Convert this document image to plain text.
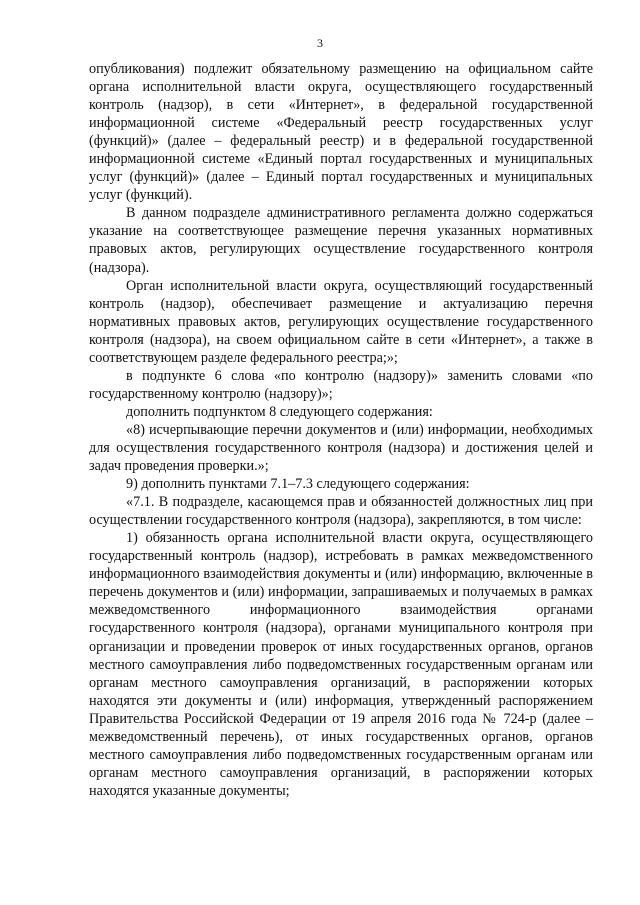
3

опубликования) подлежит обязательному размещению на официальном сайте органа исполнительной власти округа, осуществляющего государственный контроль (надзор), в сети «Интернет», в федеральной государственной информационной системе «Федеральный реестр государственных услуг (функций)» (далее – федеральный реестр) и в федеральной государственной информационной системе «Единый портал государственных и муниципальных услуг (функций)» (далее – Единый портал государственных и муниципальных услуг (функций).

В данном подразделе административного регламента должно содержаться указание на соответствующее размещение перечня указанных нормативных правовых актов, регулирующих осуществление государственного контроля (надзора).

Орган исполнительной власти округа, осуществляющий государственный контроль (надзор), обеспечивает размещение и актуализацию перечня нормативных правовых актов, регулирующих осуществление государственного контроля (надзора), на своем официальном сайте в сети «Интернет», а также в соответствующем разделе федерального реестра;»;

в подпункте 6 слова «по контролю (надзору)» заменить словами «по государственному контролю (надзору)»;

дополнить подпунктом 8 следующего содержания:

«8) исчерпывающие перечни документов и (или) информации, необходимых для осуществления государственного контроля (надзора) и достижения целей и задач проведения проверки.»;

9) дополнить пунктами 7.1–7.3 следующего содержания:

«7.1. В подразделе, касающемся прав и обязанностей должностных лиц при осуществлении государственного контроля (надзора), закрепляются, в том числе:

1) обязанность органа исполнительной власти округа, осуществляющего государственный контроль (надзор), истребовать в рамках межведомственного информационного взаимодействия документы и (или) информацию, включенные в перечень документов и (или) информации, запрашиваемых и получаемых в рамках межведомственного информационного взаимодействия органами государственного контроля (надзора), органами муниципального контроля при организации и проведении проверок от иных государственных органов, органов местного самоуправления либо подведомственных государственным органам или органам местного самоуправления организаций, в распоряжении которых находятся эти документы и (или) информация, утвержденный распоряжением Правительства Российской Федерации от 19 апреля 2016 года № 724-р (далее – межведомственный перечень), от иных государственных органов, органов местного самоуправления либо подведомственных государственным органам или органам местного самоуправления организаций, в распоряжении которых находятся указанные документы;
